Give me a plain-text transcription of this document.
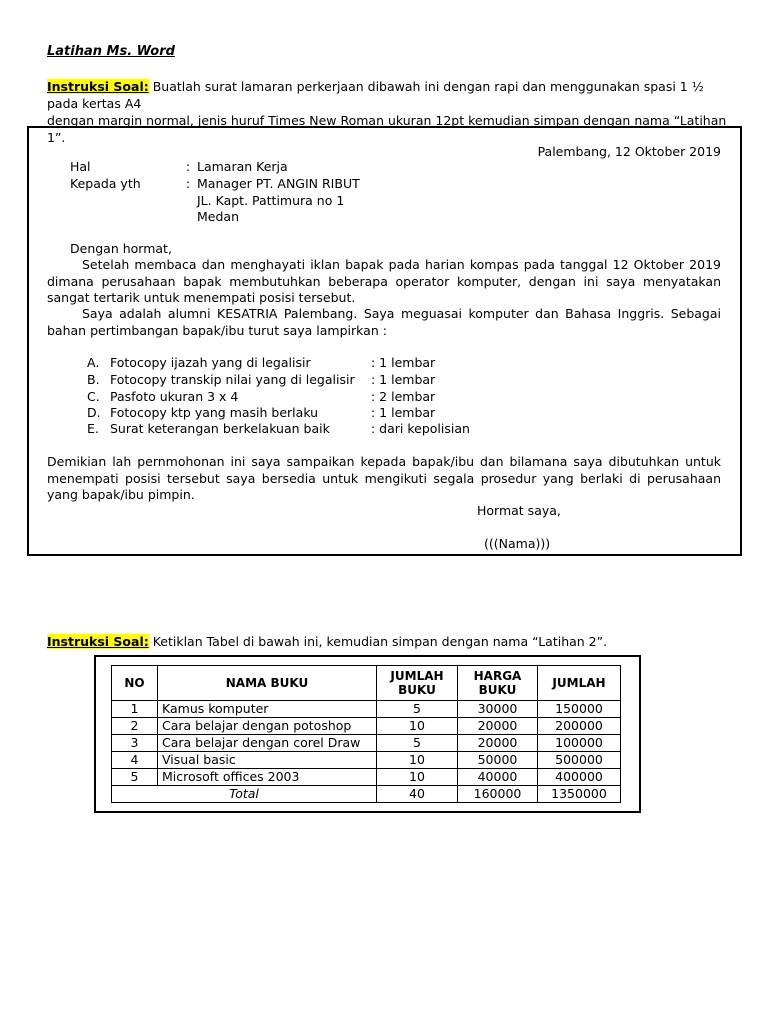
Latihan Ms. Word
Instruksi Soal: Buatlah surat lamaran perkerjaan dibawah ini dengan rapi dan menggunakan spasi 1 ½ pada kertas A4
dengan margin normal, jenis huruf Times New Roman ukuran 12pt kemudian simpan dengan nama “Latihan 1”.
Palembang, 12 Oktober 2019
Hal	: Lamaran Kerja
Kepada yth	: Manager PT. ANGIN RIBUT
JL. Kapt. Pattimura no 1
Medan
Dengan hormat,
Setelah membaca dan menghayati iklan bapak pada harian kompas pada tanggal 12 Oktober 2019 dimana perusahaan bapak membutuhkan beberapa operator komputer, dengan ini saya menyatakan sangat tertarik untuk menempati posisi tersebut.
Saya adalah alumni KESATRIA Palembang. Saya meguasai komputer dan Bahasa Inggris. Sebagai bahan pertimbangan bapak/ibu turut saya lampirkan :
A. Fotocopy ijazah yang di legalisir	: 1 lembar
B. Fotocopy transkip nilai yang di legalisir : 1 lembar
C. Pasfoto ukuran 3 x 4	: 2 lembar
D. Fotocopy ktp yang masih berlaku	: 1 lembar
E. Surat keterangan berkelakuan baik	: dari kepolisian
Demikian lah pernmohonan ini saya sampaikan kepada bapak/ibu dan bilamana saya dibutuhkan untuk menempati posisi tersebut saya bersedia untuk mengikuti segala prosedur yang berlaki di perusahaan yang bapak/ibu pimpin.
Hormat saya,
(((Nama)))
Instruksi Soal: Ketiklan Tabel di bawah ini, kemudian simpan dengan nama “Latihan 2”.
NO	NAMA BUKU	JUMLAH BUKU	HARGA BUKU	JUMLAH
1	Kamus komputer	5	30000	150000
2	Cara belajar dengan potoshop	10	20000	200000
3	Cara belajar dengan corel Draw	5	20000	100000
4	Visual basic	10	50000	500000
5	Microsoft offices 2003	10	40000	400000
Total		40	160000	1350000
